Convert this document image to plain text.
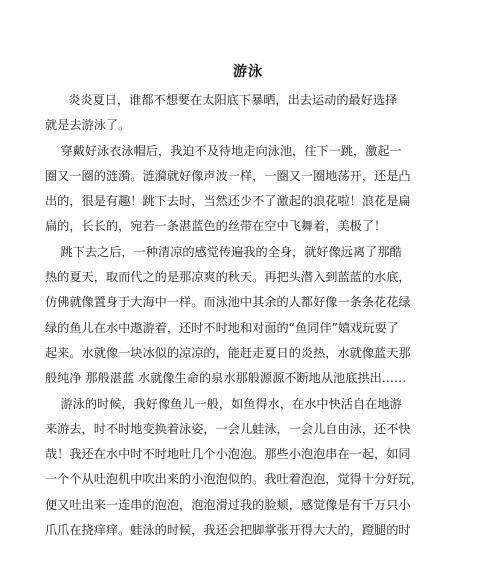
游泳
炎炎夏日，谁都不想要在太阳底下暴晒，出去运动的最好选择
就是去游泳了。
穿戴好泳衣泳帽后，我迫不及待地走向泳池，往下一跳，激起一
圈又一圈的涟漪。涟漪就好像声波一样，一圈又一圈地荡开，还是凸
出的，很是有趣！跳下去时，当然还少不了激起的浪花啦！浪花是扁
扁的，长长的，宛若一条湛蓝色的丝带在空中飞舞着，美极了！
跳下去之后，一种清凉的感觉传遍我的全身，就好像远离了那酷
热的夏天，取而代之的是那凉爽的秋天。再把头潜入到蓝蓝的水底，
仿佛就像置身于大海中一样。而泳池中其余的人都好像一条条花花绿
绿的鱼儿在水中遨游着，还时不时地和对面的“鱼同伴”嬉戏玩耍了
起来。水就像一块冰似的凉凉的，能赶走夏日的炎热，水就像蓝天那
般纯净 那般湛蓝 水就像生命的泉水那般源源不断地从池底拱出……
游泳的时候，我好像鱼儿一般，如鱼得水，在水中快活自在地游
来游去，时不时地变换着泳姿，一会儿蛙泳，一会儿自由泳，还不快
哉！我还在水中时不时地吐几个小泡泡。那些小泡泡串在一起，如同
一个个从吐泡机中吹出来的小泡泡似的。我吐着泡泡，觉得十分好玩，
便又吐出来一连串的泡泡，泡泡滑过我的脸颊，感觉像是有千万只小
爪爪在挠痒痒。蛙泳的时候，我还会把脚掌张开得大大的，蹬腿的时
